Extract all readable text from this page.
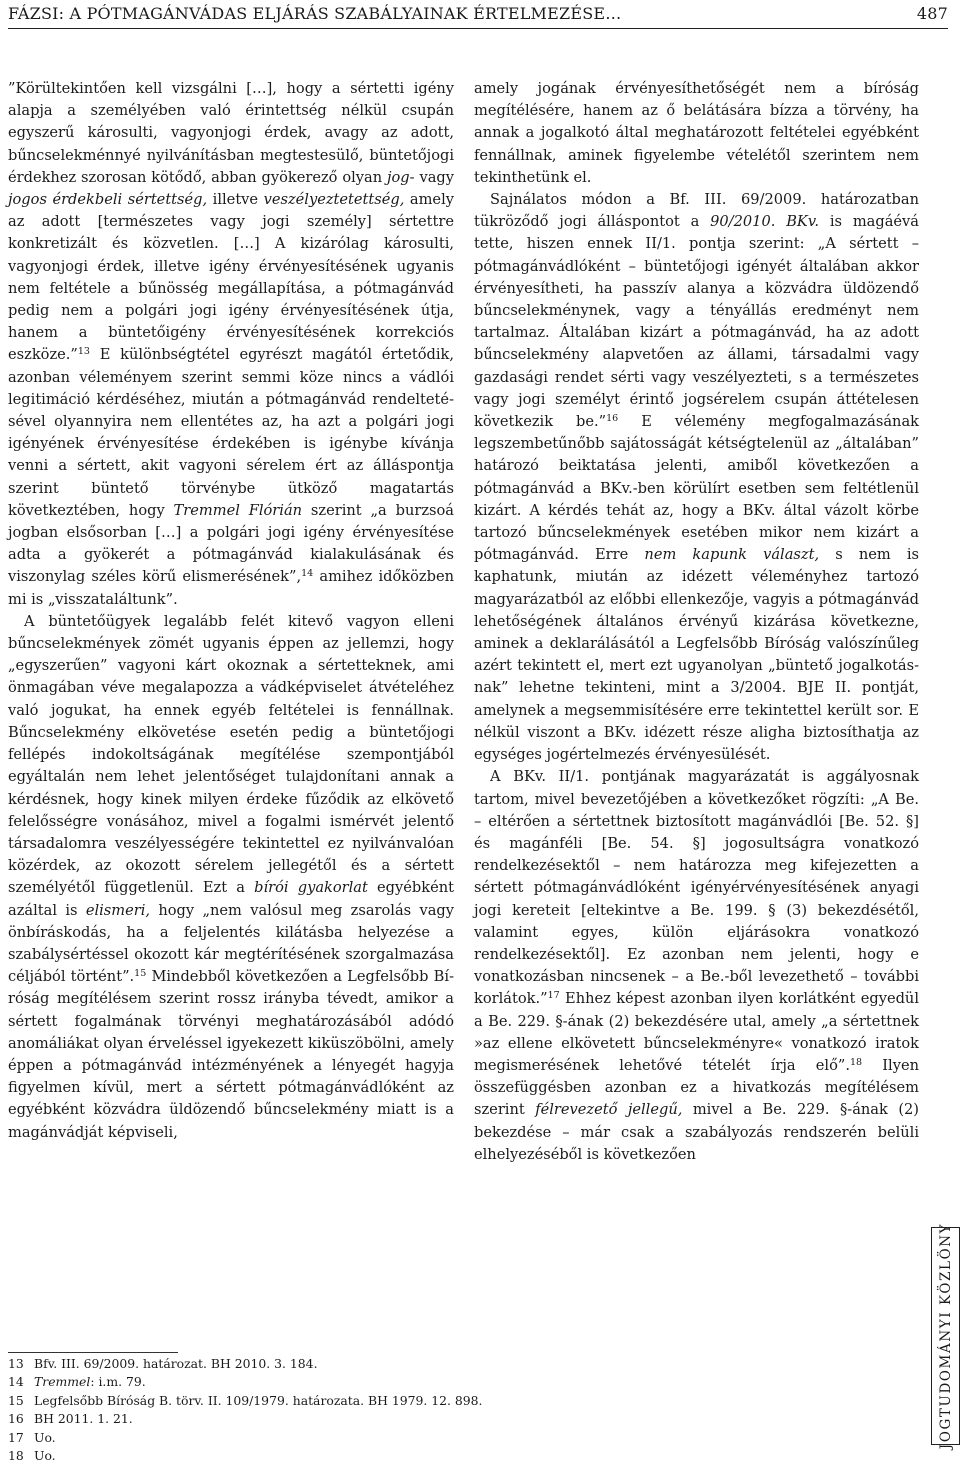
FÁZSI: A PÓTMAGÁNVÁDAS ELJÁRÁS SZABÁLYAINAK ÉRTELMEZÉSE…	487

”Körültekintően kell vizsgálni […], hogy a sértetti igény alapja a személyében való érintettség nélkül csupán egyszerű károsulti, vagyonjogi érdek, avagy az adott, bűncselekménnyé nyilvánításban megtestesülő, büntetőjogi érdekhez szorosan kötődő, abban gyökerező olyan jog- vagy jogos érdekbeli sértettség, illetve veszélyeztetettség, amely az adott [természetes vagy jogi személy] sértettre konkretizált és közvetlen. […] A kizárólag károsulti, vagyonjogi érdek, illetve igény érvényesítésének ugyanis nem feltétele a bűnösség megállapítása, a pótmagánvád pedig nem a polgári jogi igény érvényesítésének útja, hanem a büntetőigény érvényesítésének korrekciós eszköze.”$^{13}$ E különbségtétel egyrészt magától értetődik, azonban véleményem szerint semmi köze nincs a vádlói legitimáció kérdéséhez, miután a pótmagánvád rendeltetésével olyannyira nem ellentétes az, ha azt a polgári jogi igényének érvényesítése érdekében is igénybe kívánja venni a sértett, akit vagyoni sérelem ért az álláspontja szerint büntető törvénybe ütköző magatartás következtében, hogy Tremmel Flórián szerint „a burzsoá jogban elsősorban […] a polgári jogi igény érvényesítése adta a gyökerét a pótmagánvád kialakulásának és viszonylag széles körű elismerésének”,$^{14}$ amihez időközben mi is „visszataláltunk”.

A büntetőügyek legalább felét kitevő vagyon elleni bűncselekmények zömét ugyanis éppen az jellemzi, hogy „egyszerűen” vagyoni kárt okoznak a sértetteknek, ami önmagában véve megalapozza a vádképviselet átvételéhez való jogukat, ha ennek egyéb feltételei is fennállnak. Bűncselekmény elkövetése esetén pedig a büntetőjogi fellépés indokoltságának megítélése szempontjából egyáltalán nem lehet jelentőséget tulajdonítani annak a kérdésnek, hogy kinek milyen érdeke fűződik az elkövető felelősségre vonásához, mivel a fogalmi ismérvét jelentő társadalomra veszélyességére tekintettel ez nyilvánvalóan közérdek, az okozott sérelem jellegétől és a sértett személyétől függetlenül. Ezt a bírói gyakorlat egyébként azáltal is elismeri, hogy „nem valósul meg zsarolás vagy önbíráskodás, ha a feljelentés kilátásba helyezése a szabálysértéssel okozott kár megtérítésének szorgalmazása céljából történt”.$^{15}$ Mindebből következően a Legfelsőbb Bíróság megítélésem szerint rossz irányba tévedt, amikor a sértett fogalmának törvényi meghatározásából adódó anomáliákat olyan érveléssel igyekezett kiküszöbölni, amely éppen a pótmagánvád intézményének a lényegét hagyja figyelmen kívül, mert a sértett pótmagánvádlóként az egyébként közvádra üldözendő bűncselekmény miatt is a magánvádját képviseli,

amely jogának érvényesíthetőségét nem a bíróság megítélésére, hanem az ő belátására bízza a törvény, ha annak a jogalkotó által meghatározott feltételei egyébként fennállnak, aminek figyelembe vételétől szerintem nem tekinthetünk el.

Sajnálatos módon a Bf. III. 69/2009. határozatban tükröződő jogi álláspontot a 90/2010. BKv. is magáévá tette, hiszen ennek II/1. pontja szerint: „A sértett – pótmagánvádlóként – büntetőjogi igényét általában akkor érvényesítheti, ha passzív alanya a közvádra üldözendő bűncselekménynek, vagy a tényállás eredményt nem tartalmaz. Általában kizárt a pótmagánvád, ha az adott bűncselekmény alapvetően az állami, társadalmi vagy gazdasági rendet sérti vagy veszélyezteti, s a természetes vagy jogi személyt érintő jogsérelem csupán áttételesen következik be.”$^{16}$ E vélemény megfogalmazásának legszembetűnőbb sajátosságát kétségtelenül az „általában” határozó beiktatása jelenti, amiből következően a pótmagánvád a BKv.-ben körülírt esetben sem feltétlenül kizárt. A kérdés tehát az, hogy a BKv. által vázolt körbe tartozó bűncselekmények esetében mikor nem kizárt a pótmagánvád. Erre nem kapunk választ, s nem is kaphatunk, miután az idézett véleményhez tartozó magyarázatból az előbbi ellenkezője, vagyis a pótmagánvád lehetőségének általános érvényű kizárása következne, aminek a deklarálásától a Legfelsőbb Bíróság valószínűleg azért tekintett el, mert ezt ugyanolyan „büntető jogalkotásnak” lehetne tekinteni, mint a 3/2004. BJE II. pontját, amelynek a megsemmisítésére erre tekintettel került sor. E nélkül viszont a BKv. idézett része aligha biztosíthatja az egységes jogértelmezés érvényesülését.

A BKv. II/1. pontjának magyarázatát is aggályosnak tartom, mivel bevezetőjében a következőket rögzíti: „A Be. – eltérően a sértettnek biztosított magánvádlói [Be. 52. §] és magánféli [Be. 54. §] jogosultságra vonatkozó rendelkezésektől – nem határozza meg kifejezetten a sértett pótmagánvádlóként igényérvényesítésének anyagi jogi kereteit [eltekintve a Be. 199. § (3) bekezdésétől, valamint egyes, külön eljárásokra vonatkozó rendelkezésektől]. Ez azonban nem jelenti, hogy e vonatkozásban nincsenek – a Be.-ből levezethető – további korlátok.”$^{17}$ Ehhez képest azonban ilyen korlátként egyedül a Be. 229. §-ának (2) bekezdésére utal, amely „a sértettnek »az ellene elkövetett bűncselekményre« vonatkozó iratok megismerésének lehetővé tételét írja elő”.$^{18}$ Ilyen összefüggésben azonban ez a hivatkozás megítélésem szerint félrevezető jellegű, mivel a Be. 229. §-ának (2) bekezdése – már csak a szabályozás rendszerén belüli elhelyezéséből is következően

JOGTUDOMÁNYI KÖZLÖNY
13 Bfv. III. 69/2009. határozat. BH 2010. 3. 184.
14 Tremmel: i.m. 79.
15 Legfelsőbb Bíróság B. törv. II. 109/1979. határozata. BH 1979. 12. 898.
16 BH 2011. 1. 21.
17 Uo.
18 Uo.
